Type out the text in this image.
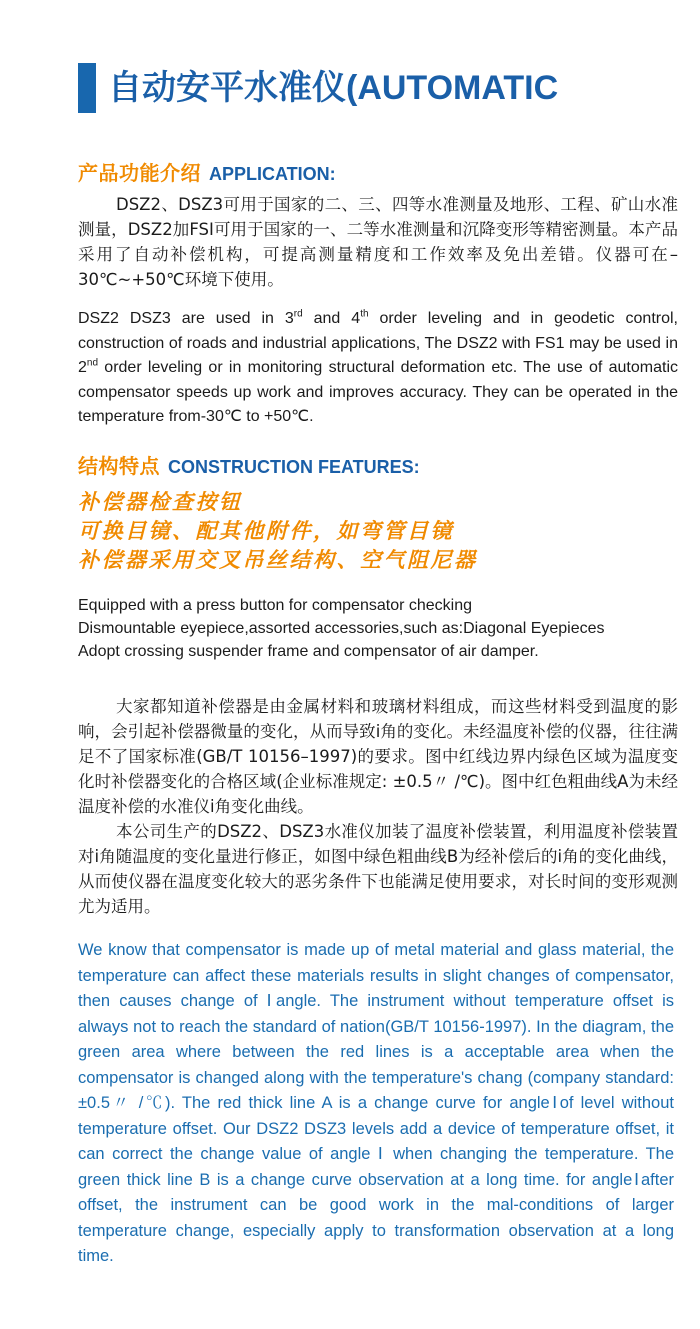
自动安平水准仪(AUTOMATIC
产品功能介绍 APPLICATION:
DSZ2、DSZ3可用于国家的二、三、四等水准测量及地形、工程、矿山水准测量，DSZ2加FSI可用于国家的一、二等水准测量和沉降变形等精密测量。本产品采用了自动补偿机构，可提高测量精度和工作效率及免出差错。仪器可在–30℃~+50℃环境下使用。
DSZ2 DSZ3 are used in 3rd and 4th order leveling and in geodetic control, construction of roads and industrial applications, The DSZ2 with FS1 may be used in 2nd order leveling or in monitoring structural deformation etc. The use of automatic compensator speeds up work and improves accuracy. They can be operated in the temperature from-30℃ to +50℃.
结构特点 CONSTRUCTION FEATURES:
补偿器检查按钮
可换目镜、配其他附件，如弯管目镜
补偿器采用交叉吊丝结构、空气阻尼器
Equipped with a press button for compensator checking
Dismountable eyepiece,assorted accessories,such as:Diagonal Eyepieces
Adopt crossing suspender frame and compensator of air damper.
大家都知道补偿器是由金属材料和玻璃材料组成，而这些材料受到温度的影响，会引起补偿器微量的变化，从而导致i角的变化。未经温度补偿的仪器，往往满足不了国家标准(GB/T 10156–1997)的要求。图中红线边界内绿色区域为温度变化时补偿器变化的合格区域(企业标准规定: ±0.5〃 /℃)。图中红色粗曲线A为未经温度补偿的水准仪i角变化曲线。
本公司生产的DSZ2、DSZ3水准仪加装了温度补偿装置，利用温度补偿装置对i角随温度的变化量进行修正，如图中绿色粗曲线B为经补偿后的i角的变化曲线，从而使仪器在温度变化较大的恶劣条件下也能满足使用要求，对长时间的变形观测尤为适用。
We know that compensator is made up of metal material and glass material, the temperature can affect these materials results in slight changes of compensator, then causes change of Ⅰangle. The instrument without temperature offset is always not to reach the standard of nation(GB/T 10156-1997). In the diagram, the green area where between the red lines is a acceptable area when the compensator is changed along with the temperature's chang (company standard:±0.5〃 /℃). The red thick line A is a change curve for angleⅠof level without temperature offset. Our DSZ2 DSZ3 levels add a device of temperature offset, it can correct the change value of angle Ⅰ when changing the temperature. The green thick line B is a change curve observation at a long time. for angleⅠafter offset, the instrument can be good work in the mal-conditions of larger temperature change, especially apply to transformation observation at a long time.
